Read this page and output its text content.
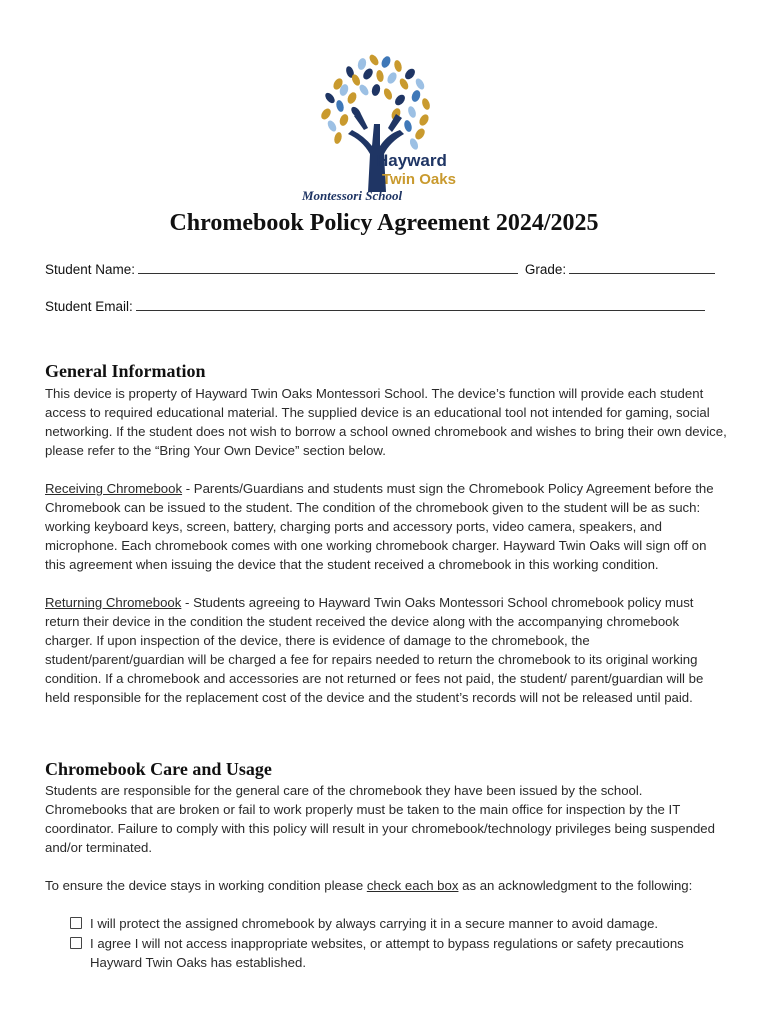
Hayward
Twin Oaks
Montessori School
Chromebook Policy Agreement 2024/2025
Student Name:	Grade:
Student Email:
General Information

This device is property of Hayward Twin Oaks Montessori School. The device’s function will provide each student access to required educational material. The supplied device is an educational tool not intended for gaming, social networking. If the student does not wish to borrow a school owned chromebook and wishes to bring their own device, please refer to the “Bring Your Own Device” section below.

Receiving Chromebook - Parents/Guardians and students must sign the Chromebook Policy Agreement before the Chromebook can be issued to the student. The condition of the chromebook given to the student will be as such: working keyboard keys, screen, battery, charging ports and accessory ports, video camera, speakers, and microphone. Each chromebook comes with one working chromebook charger. Hayward Twin Oaks will sign off on this agreement when issuing the device that the student received a chromebook in this working condition.

Returning Chromebook - Students agreeing to Hayward Twin Oaks Montessori School chromebook policy must return their device in the condition the student received the device along with the accompanying chromebook charger. If upon inspection of the device, there is evidence of damage to the chromebook, the student/parent/guardian will be charged a fee for repairs needed to return the chromebook to its original working condition. If a chromebook and accessories are not returned or fees not paid, the student/ parent/guardian will be held responsible for the replacement cost of the device and the student’s records will not be released until paid.

Chromebook Care and Usage

Students are responsible for the general care of the chromebook they have been issued by the school. Chromebooks that are broken or fail to work properly must be taken to the main office for inspection by the IT coordinator. Failure to comply with this policy will result in your chromebook/technology privileges being suspended and/or terminated.

To ensure the device stays in working condition please check each box as an acknowledgment to the following:

I will protect the assigned chromebook by always carrying it in a secure manner to avoid damage.
I agree I will not access inappropriate websites, or attempt to bypass regulations or safety precautions Hayward Twin Oaks has established.
